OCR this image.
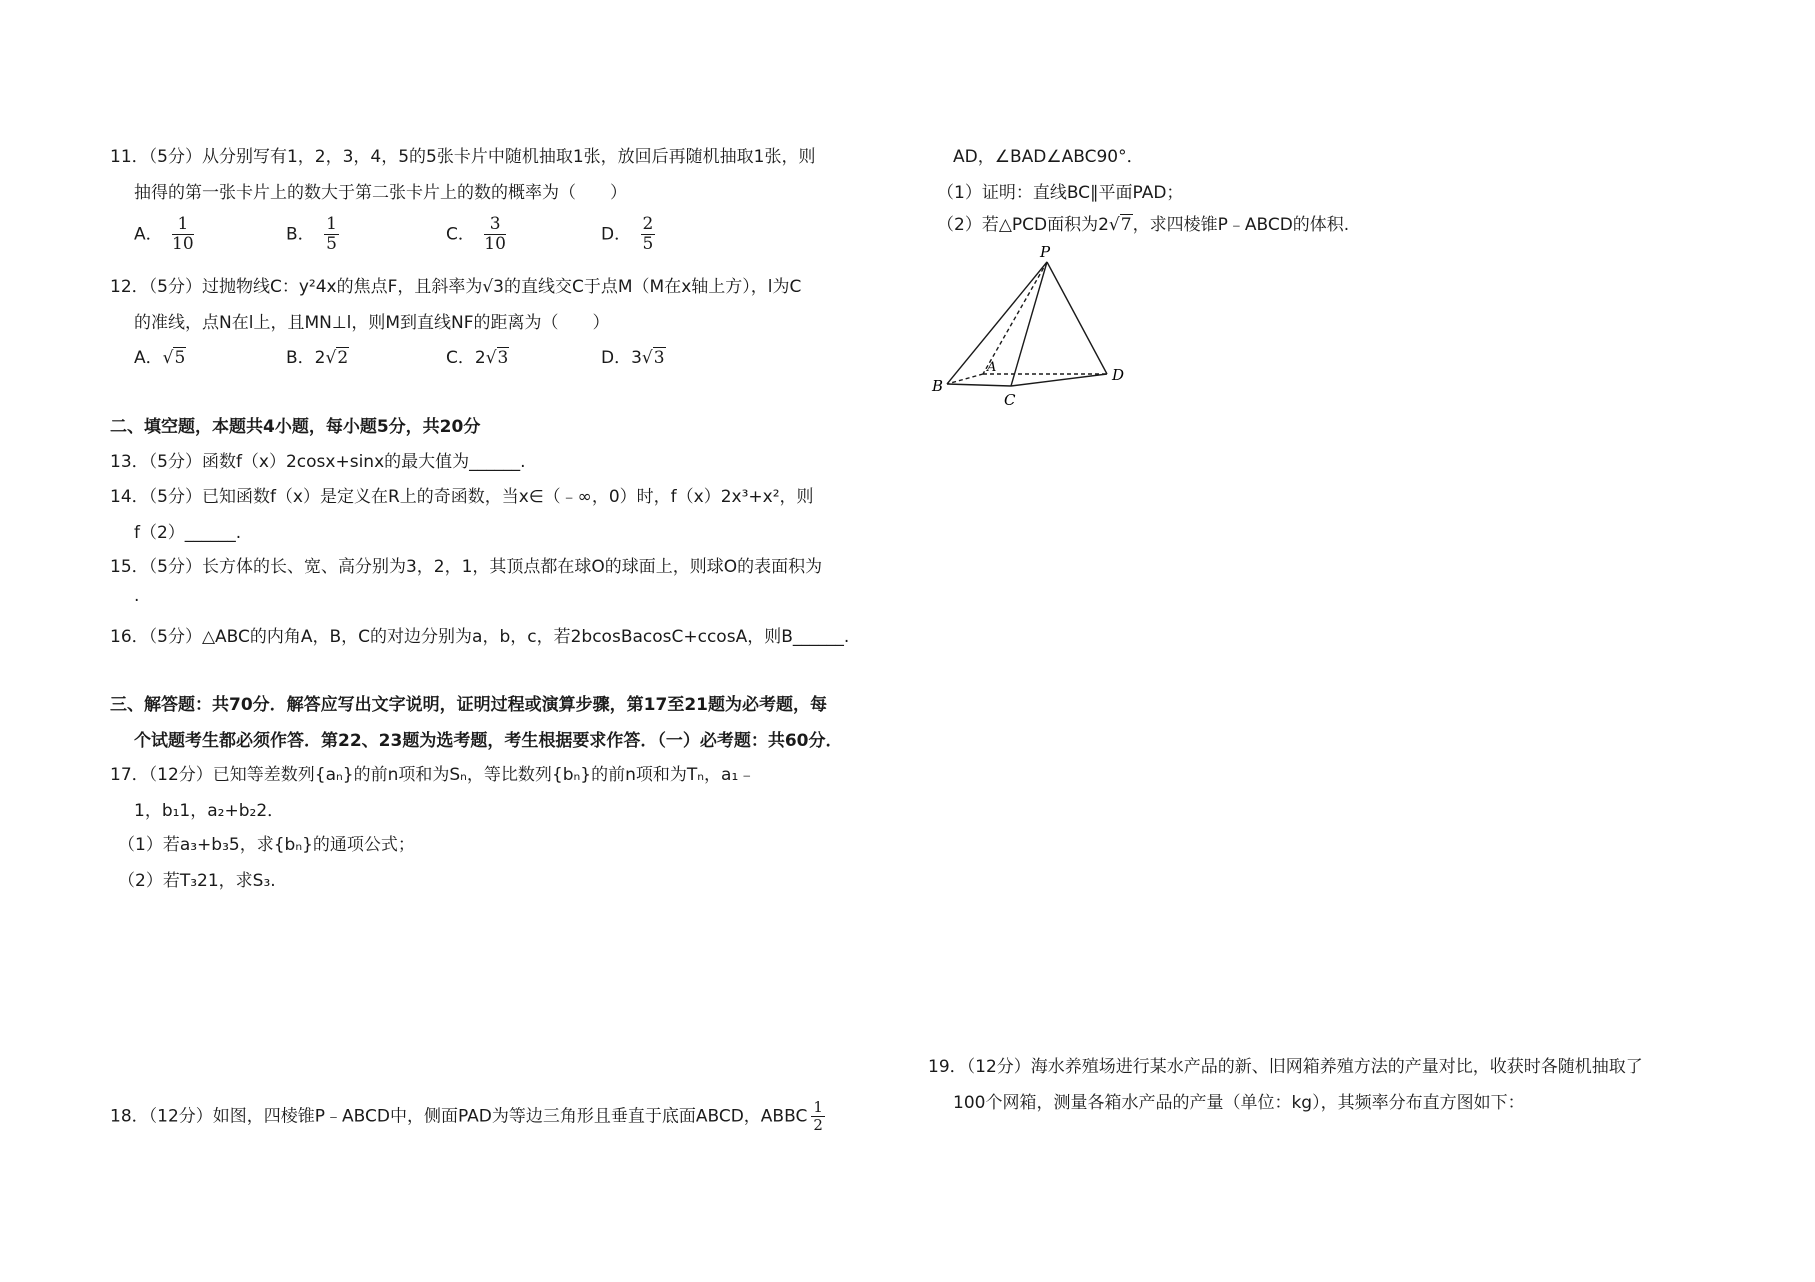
11．（5分）从分别写有1，2，3，4，5的5张卡片中随机抽取1张，放回后再随机抽取1张，则
抽得的第一张卡片上的数大于第二张卡片上的数的概率为（　　）
A． $\frac{1}{10}$	B． $\frac{1}{5}$	C． $\frac{3}{10}$	D． $\frac{2}{5}$
12．（5分）过抛物线C：y²4x的焦点F，且斜率为√3的直线交C于点M（M在x轴上方），l为C
的准线，点N在l上，且MN⊥l，则M到直线NF的距离为（　　）
A．√5	B．2√2	C．2√3	D．3√3
二、填空题，本题共4小题，每小题5分，共20分
13．（5分）函数f（x）2cosx+sinx的最大值为______.
14．（5分）已知函数f（x）是定义在R上的奇函数，当x∈（﹣∞，0）时，f（x）2x³+x²，则
f（2）______.
15．（5分）长方体的长、宽、高分别为3，2，1，其顶点都在球O的球面上，则球O的表面积为
.
16．（5分）△ABC的内角A，B，C的对边分别为a，b，c，若2bcosBacosC+ccosA，则B______.
三、解答题：共70分．解答应写出文字说明，证明过程或演算步骤，第17至21题为必考题，每
个试题考生都必须作答．第22、23题为选考题，考生根据要求作答．（一）必考题：共60分．
17．（12分）已知等差数列{aₙ}的前n项和为Sₙ，等比数列{bₙ}的前n项和为Tₙ，a₁﹣
1，b₁1，a₂+b₂2．
（1）若a₃+b₃5，求{bₙ}的通项公式；
（2）若T₃21，求S₃.
18．（12分）如图，四棱锥P﹣ABCD中，侧面PAD为等边三角形且垂直于底面ABCD，ABBC $\frac{1}{2}$
AD，∠BAD∠ABC90°．
（1）证明：直线BC∥平面PAD；
（2）若△PCD面积为2√7，求四棱锥P﹣ABCD的体积.
P
A
B
C
D
19．（12分）海水养殖场进行某水产品的新、旧网箱养殖方法的产量对比，收获时各随机抽取了
100个网箱，测量各箱水产品的产量（单位：kg），其频率分布直方图如下：
